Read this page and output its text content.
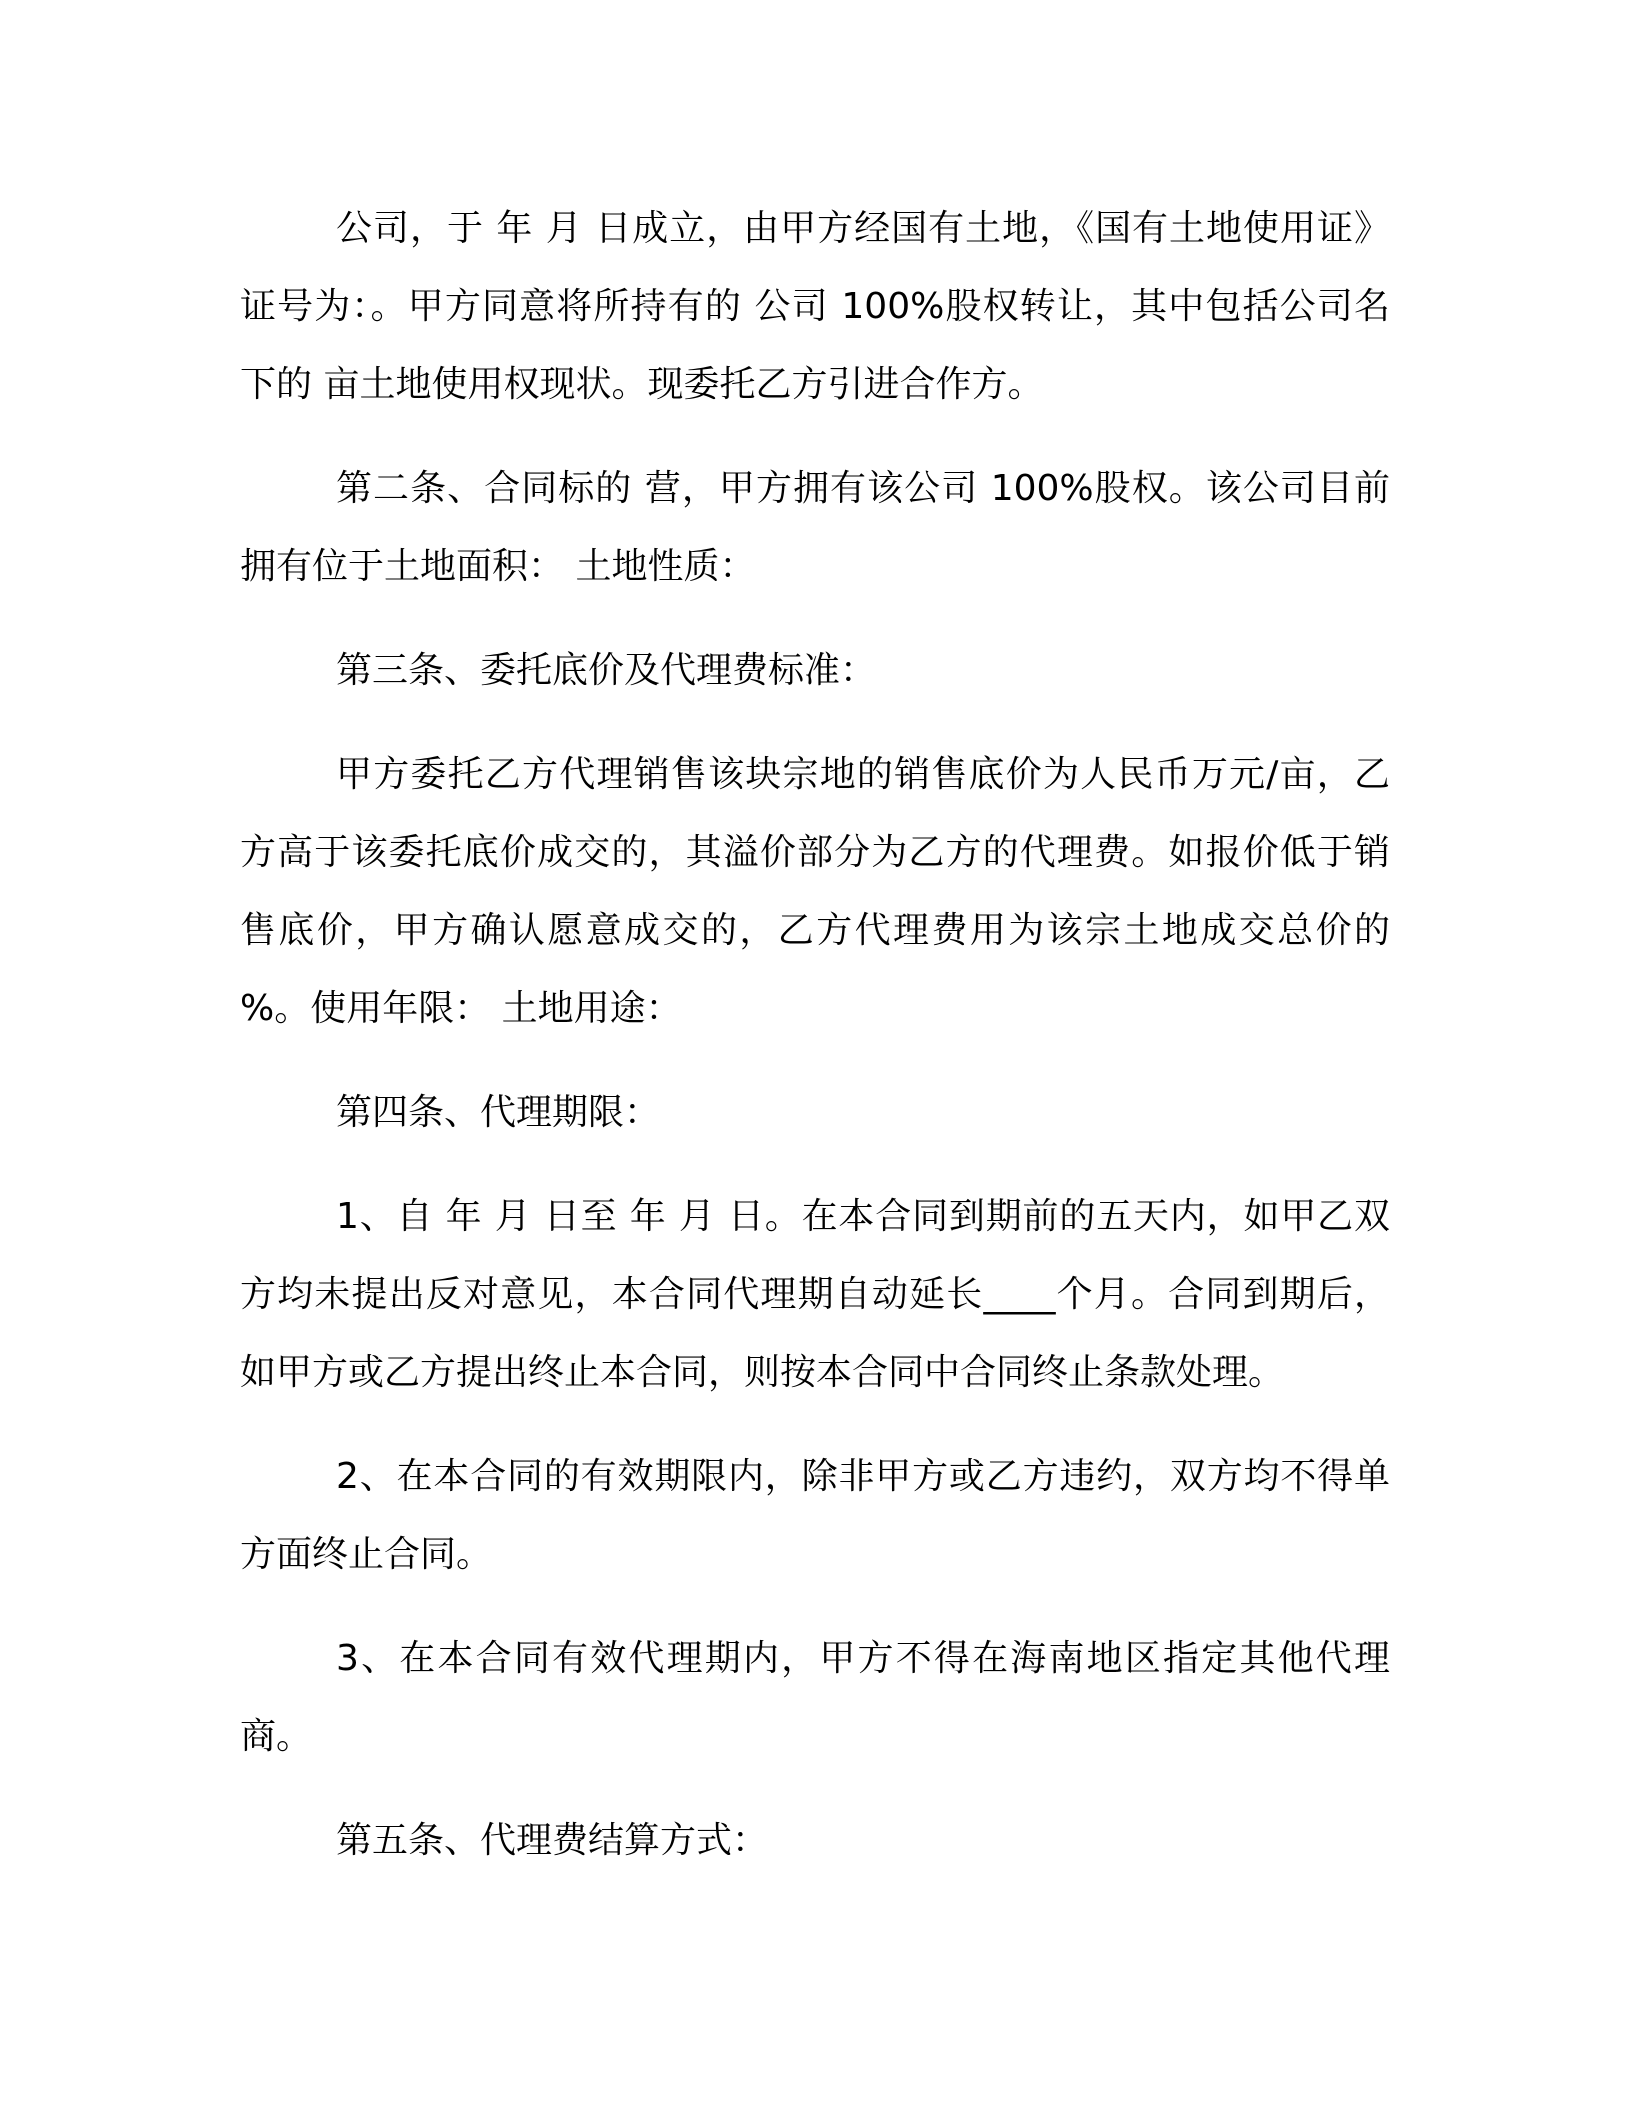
公司，于 年 月 日成立，由甲方经国有土地，《国有土地使用证》证号为：。甲方同意将所持有的 公司 100%股权转让，其中包括公司名下的 亩土地使用权现状。现委托乙方引进合作方。

第二条、合同标的 营，甲方拥有该公司 100%股权。该公司目前拥有位于土地面积： 土地性质：

第三条、委托底价及代理费标准：

甲方委托乙方代理销售该块宗地的销售底价为人民币万元/亩，乙方高于该委托底价成交的，其溢价部分为乙方的代理费。如报价低于销售底价，甲方确认愿意成交的，乙方代理费用为该宗土地成交总价的 %。使用年限： 土地用途：

第四条、代理期限：

1、自 年 月 日至 年 月 日。在本合同到期前的五天内，如甲乙双方均未提出反对意见，本合同代理期自动延长____个月。合同到期后，如甲方或乙方提出终止本合同，则按本合同中合同终止条款处理。

2、在本合同的有效期限内，除非甲方或乙方违约，双方均不得单方面终止合同。

3、在本合同有效代理期内，甲方不得在海南地区指定其他代理商。

第五条、代理费结算方式：
